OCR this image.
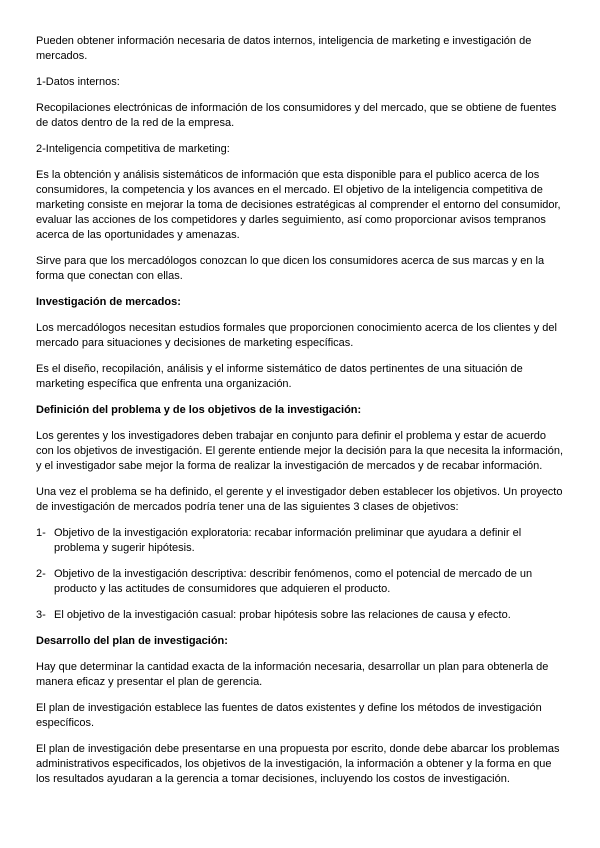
Pueden obtener información necesaria de datos internos, inteligencia de marketing e investigación de mercados.

1-Datos internos:

Recopilaciones electrónicas de información de los consumidores y del mercado, que se obtiene de fuentes de datos dentro de la red de la empresa.

2-Inteligencia competitiva de marketing:

Es la obtención y análisis sistemáticos de información que esta disponible para el publico acerca de los consumidores, la competencia y los avances en el mercado. El objetivo de la inteligencia competitiva de marketing consiste en mejorar la toma de decisiones estratégicas al comprender el entorno del consumidor, evaluar las acciones de los competidores y darles seguimiento, así como proporcionar avisos tempranos acerca de las oportunidades y amenazas.

Sirve para que los mercadólogos conozcan lo que dicen los consumidores acerca de sus marcas y en la forma que conectan con ellas.

Investigación de mercados:

Los mercadólogos necesitan estudios formales que proporcionen conocimiento acerca de los clientes y del mercado para situaciones y decisiones de marketing específicas.

Es el diseño, recopilación, análisis y el informe sistemático de datos pertinentes de una situación de marketing específica que enfrenta una organización.

Definición del problema y de los objetivos de la investigación:

Los gerentes y los investigadores deben trabajar en conjunto para definir el problema y estar de acuerdo con los objetivos de investigación. El gerente entiende mejor la decisión para la que necesita la información, y el investigador sabe mejor la forma de realizar la investigación de mercados y de recabar información.

Una vez el problema se ha definido, el gerente y el investigador deben establecer los objetivos. Un proyecto de investigación de mercados podría tener una de las siguientes 3 clases de objetivos:

1- Objetivo de la investigación exploratoria: recabar información preliminar que ayudara a definir el problema y sugerir hipótesis.
2- Objetivo de la investigación descriptiva: describir fenómenos, como el potencial de mercado de un producto y las actitudes de consumidores que adquieren el producto.
3- El objetivo de la investigación casual: probar hipótesis sobre las relaciones de causa y efecto.

Desarrollo del plan de investigación:

Hay que determinar la cantidad exacta de la información necesaria, desarrollar un plan para obtenerla de manera eficaz y presentar el plan de gerencia.

El plan de investigación establece las fuentes de datos existentes y define los métodos de investigación específicos.

El plan de investigación debe presentarse en una propuesta por escrito, donde debe abarcar los problemas administrativos especificados, los objetivos de la investigación, la información a obtener y la forma en que los resultados ayudaran a la gerencia a tomar decisiones, incluyendo los costos de investigación.
